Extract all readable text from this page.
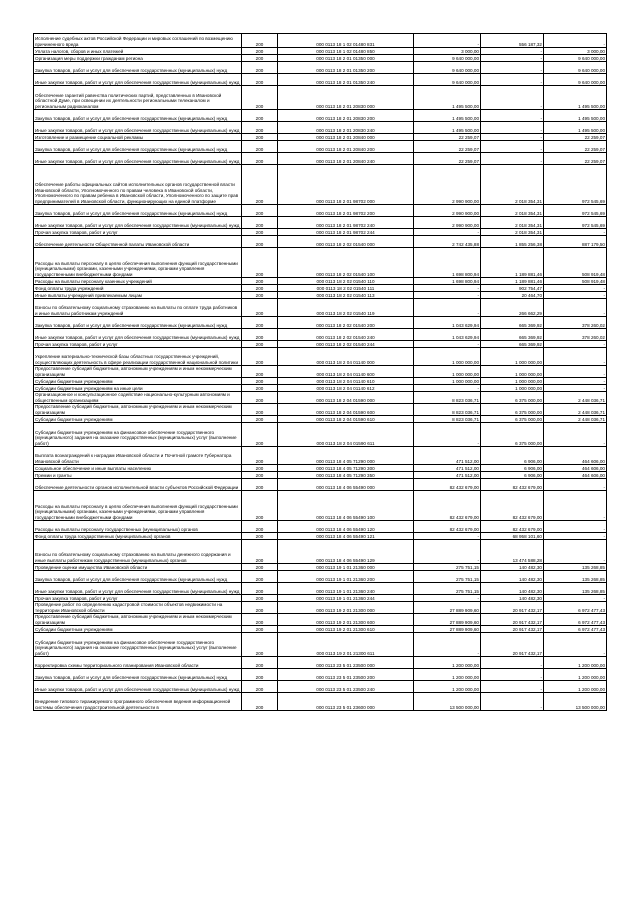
Исполнение судебных актов Российской Федерации и мировых соглашений по возмещению причиненного вреда	200	000 0113 18 1 02 01480 831	-	556 187,32	-
Уплата налогов, сборов и иных платежей	200	000 0113 18 1 02 01480 850	3 000,00	-	3 000,00
Организация меры поддержки гражданам региона	200	000 0113 18 2 01 01350 000	9 640 000,00	-	9 640 000,00
Закупка товаров, работ и услуг для обеспечения государственных (муниципальных) нужд	200	000 0113 18 2 01 01350 200	9 640 000,00	-	9 640 000,00
Иные закупки товаров, работ и услуг для обеспечения государственных (муниципальных) нужд	200	000 0113 18 2 01 01350 240	9 640 000,00	-	9 640 000,00
Обеспечение гарантий равенства политических партий, представленных в Ивановской областной Думе, при освещении их деятельности региональными телеканалом и региональным радиоканалом	200	000 0113 18 2 01 20830 000	1 495 500,00	-	1 495 500,00
Закупка товаров, работ и услуг для обеспечения государственных (муниципальных) нужд	200	000 0113 18 2 01 20830 200	1 495 500,00	-	1 495 500,00
Иные закупки товаров, работ и услуг для обеспечения государственных (муниципальных) нужд	200	000 0113 18 2 01 20830 240	1 495 500,00	-	1 495 500,00
Изготовление и размещение социальной рекламы	200	000 0113 18 2 01 20840 000	22 259,07	-	22 259,07
Закупка товаров, работ и услуг для обеспечения государственных (муниципальных) нужд	200	000 0113 18 2 01 20840 200	22 259,07	-	22 259,07
Иные закупки товаров, работ и услуг для обеспечения государственных (муниципальных) нужд	200	000 0113 18 2 01 20840 240	22 259,07	-	22 259,07
Обеспечение работы официальных сайтов исполнительных органов государственной власти Ивановской области, Уполномоченного по правам человека в Ивановской области, Уполномоченного по правам ребенка в Ивановской области, Уполномоченного по защите прав предпринимателей в Ивановской области, функционирующих на единой платформе	200	000 0113 18 2 01 98702 000	2 990 900,00	2 018 354,31	972 545,69
Закупка товаров, работ и услуг для обеспечения государственных (муниципальных) нужд	200	000 0113 18 2 01 98702 200	2 990 900,00	2 018 354,31	972 545,69
Иные закупки товаров, работ и услуг для обеспечения государственных (муниципальных) нужд	200	000 0113 18 2 01 98702 240	2 990 900,00	2 018 354,31	972 545,69
Прочая закупка товаров, работ и услуг	200	000 0113 18 2 01 98702 244	-	2 018 354,31	-
Обеспечение деятельности Общественной палаты Ивановской области	200	000 0113 18 2 02 01540 000	2 742 435,88	1 855 256,38	887 179,50
Расходы на выплаты персоналу в целях обеспечения выполнения функций государственными (муниципальными) органами, казенными учреждениями, органами управления государственными внебюджетными фондами	200	000 0113 18 2 02 01540 100	1 698 800,94	1 189 881,46	508 919,48
Расходы на выплаты персоналу казенных учреждений	200	000 0113 18 2 02 01540 110	1 698 800,94	1 189 881,46	508 919,48
Фонд оплаты труда учреждений	200	000 0113 18 2 02 01540 111	-	902 754,47	-
Иные выплаты учреждений привлекаемым лицам	200	000 0113 18 2 02 01540 113	-	20 464,70	-
Взносы по обязательному социальному страхованию на выплаты по оплате труда работников и иные выплаты работникам учреждений	200	000 0113 18 2 02 01540 119	-	266 662,29	-
Закупка товаров, работ и услуг для обеспечения государственных (муниципальных) нужд	200	000 0113 18 2 02 01540 200	1 043 629,94	665 369,92	378 260,02
Иные закупки товаров, работ и услуг для обеспечения государственных (муниципальных) нужд	200	000 0113 18 2 02 01540 240	1 043 629,94	665 369,92	378 260,02
Прочая закупка товаров, работ и услуг	200	000 0113 18 2 02 01540 244	-	665 369,92	-
Укрепление материально-технической базы областных государственных учреждений, осуществляющих деятельность в сфере реализации государственной национальной политики	200	000 0113 18 2 04 01140 000	1 000 000,00	1 000 000,00	-
Предоставление субсидий бюджетным, автономным учреждениям и иным некоммерческим организациям	200	000 0113 18 2 04 01140 600	1 000 000,00	1 000 000,00	-
Субсидии бюджетным учреждениям	200	000 0113 18 2 04 01140 610	1 000 000,00	1 000 000,00	-
Субсидии бюджетным учреждениям на иные цели	200	000 0113 18 2 04 01140 612	-	1 000 000,00	-
Организационное и консультационное содействие национально-культурным автономиям и общественным организациям	200	000 0113 18 2 04 01590 000	8 823 036,71	6 375 000,00	2 448 036,71
Предоставление субсидий бюджетным, автономным учреждениям и иным некоммерческим организациям	200	000 0113 18 2 04 01590 600	8 823 036,71	6 375 000,00	2 448 036,71
Субсидии бюджетным учреждениям	200	000 0113 18 2 04 01590 610	8 823 036,71	6 375 000,00	2 448 036,71
Субсидии бюджетным учреждениям на финансовое обеспечение государственного (муниципального) задания на оказание государственных (муниципальных) услуг (выполнение работ)	200	000 0113 18 2 04 01590 611	-	6 375 000,00	-
Выплата вознаграждений к наградам Ивановской области и Почетной грамоте Губернатора Ивановской области	200	000 0113 18 4 05 71290 000	471 512,00	6 906,00	464 606,00
Социальное обеспечение и иные выплаты населению	200	000 0113 18 4 05 71290 300	471 512,00	6 906,00	464 606,00
Премии и гранты	200	000 0113 18 4 05 71290 350	471 512,00	6 906,00	464 606,00
Обеспечение деятельности органов исполнительной власти субъектов Российской Федерации	200	000 0113 18 4 06 55490 000	82 432 679,00	82 432 679,00	-
Расходы на выплаты персоналу в целях обеспечения выполнения функций государственными (муниципальными) органами, казенными учреждениями, органами управления государственными внебюджетными фондами	200	000 0113 18 4 06 55490 100	82 432 679,00	82 432 679,00	-
Расходы на выплаты персоналу государственных (муниципальных) органов	200	000 0113 18 4 06 55490 120	82 432 679,00	82 432 679,00	-
Фонд оплаты труда государственных (муниципальных) органов	200	000 0113 18 4 06 55490 121	-	68 958 101,60	-
Взносы по обязательному социальному страхованию на выплаты денежного содержания и иные выплаты работникам государственных (муниципальных) органов	200	000 0113 18 4 06 55490 129	-	13 474 588,28	-
Проведение оценки имущества Ивановской области	200	000 0113 19 1 01 21360 000	275 751,15	140 482,30	135 268,85
Закупка товаров, работ и услуг для обеспечения государственных (муниципальных) нужд	200	000 0113 19 1 01 21360 200	275 751,15	140 482,30	135 268,85
Иные закупки товаров, работ и услуг для обеспечения государственных (муниципальных) нужд	200	000 0113 19 1 01 21360 240	275 751,15	140 482,30	135 268,85
Прочая закупка товаров, работ и услуг	200	000 0113 19 1 01 21360 244	-	140 482,30	-
Проведение работ по определению кадастровой стоимости объектов недвижимости на территории Ивановской области	200	000 0113 19 2 01 21300 000	27 889 909,60	20 917 432,17	6 972 477,43
Предоставление субсидий бюджетным, автономным учреждениям и иным некоммерческим организациям	200	000 0113 19 2 01 21300 600	27 889 909,60	20 917 432,17	6 972 477,43
Субсидии бюджетным учреждениям	200	000 0113 19 2 01 21300 610	27 889 909,60	20 917 432,17	6 972 477,43
Субсидии бюджетным учреждениям на финансовое обеспечение государственного (муниципального) задания на оказание государственных (муниципальных) услуг (выполнение работ)	200	000 0113 19 2 01 21300 611	-	20 917 432,17	-
Корректировка схемы территориального планирования Ивановской области	200	000 0113 23 5 01 23500 000	1 200 000,00	-	1 200 000,00
Закупка товаров, работ и услуг для обеспечения государственных (муниципальных) нужд	200	000 0113 23 5 01 23500 200	1 200 000,00	-	1 200 000,00
Иные закупки товаров, работ и услуг для обеспечения государственных (муниципальных) нужд	200	000 0113 23 5 01 23500 240	1 200 000,00	-	1 200 000,00
Внедрение типового тиражируемого программного обеспечения ведения информационной системы обеспечения градостроительной деятельности в	200	000 0113 23 5 01 23600 000	13 500 000,00	-	13 500 000,00
